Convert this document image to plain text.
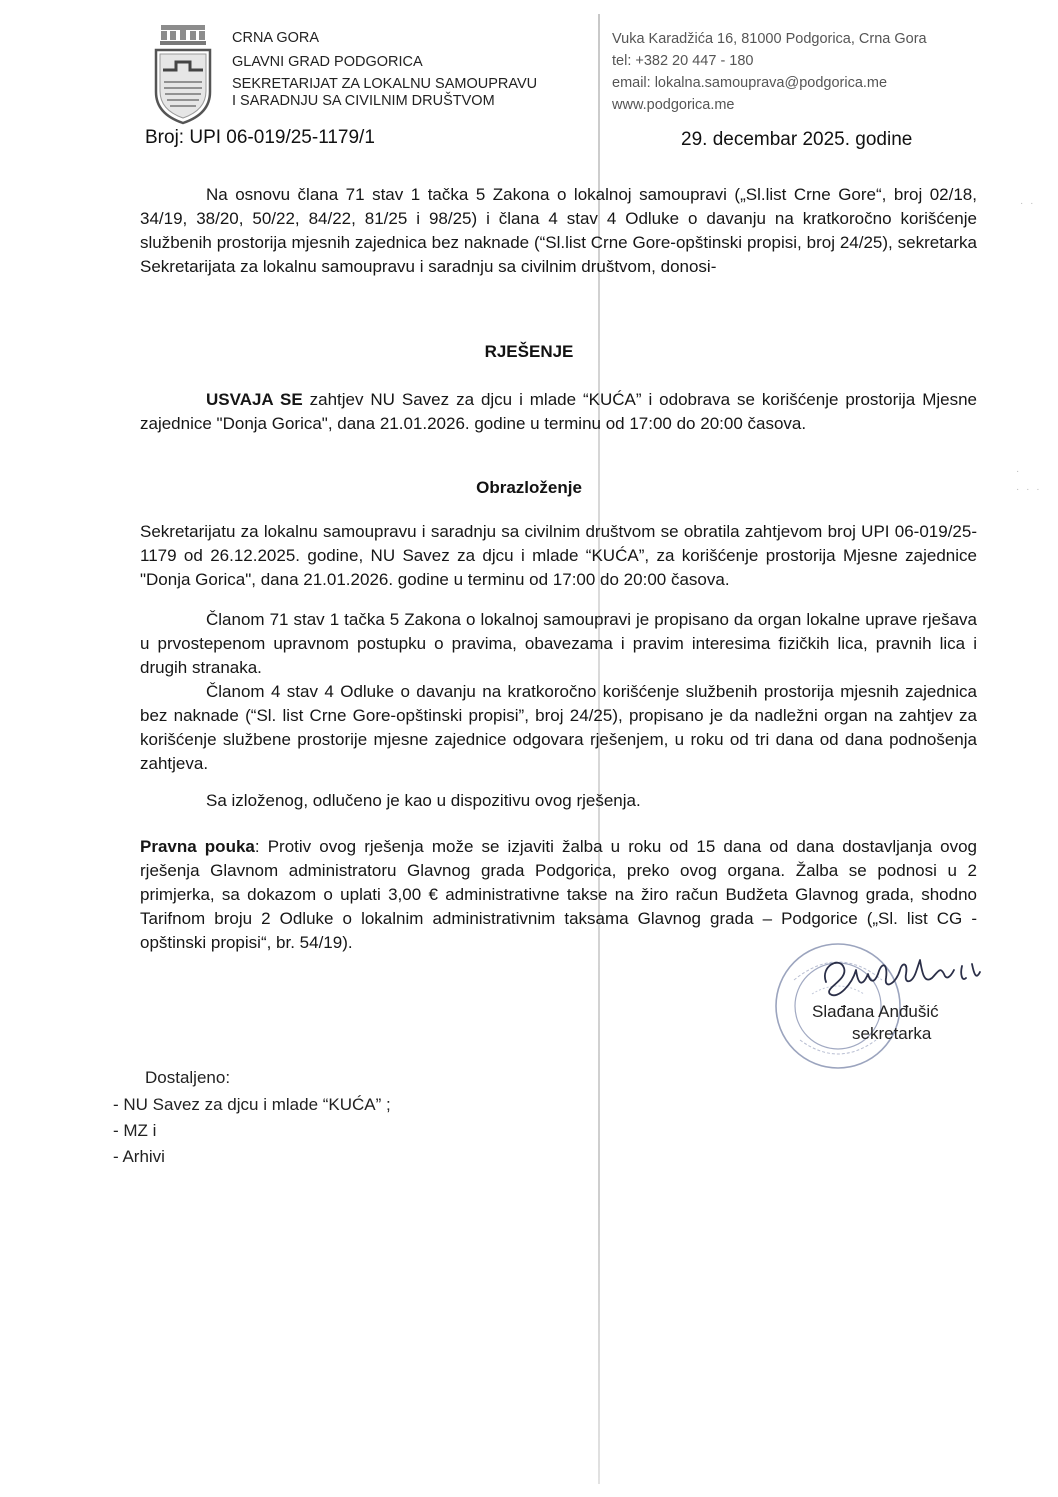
CRNA GORA
GLAVNI GRAD PODGORICA
SEKRETARIJAT ZA LOKALNU SAMOUPRAVU
I SARADNJU SA CIVILNIM DRUŠTVOM
Vuka Karadžića 16, 81000 Podgorica, Crna Gora
tel: +382 20 447 - 180
email: lokalna.samouprava@podgorica.me
www.podgorica.me
Broj: UPI 06-019/25-1179/1	29. decembar 2025. godine
· ·
·
· · ·

Na osnovu člana 71 stav 1 tačka 5 Zakona o lokalnoj samoupravi („Sl.list Crne Gore“, broj 02/18, 34/19, 38/20, 50/22, 84/22, 81/25 i 98/25) i člana 4 stav 4 Odluke o davanju na kratkoročno korišćenje službenih prostorija mjesnih zajednica bez naknade (“Sl.list Crne Gore-opštinski propisi, broj 24/25), sekretarka Sekretarijata za lokalnu samoupravu i saradnju sa civilnim društvom, donosi-

RJEŠENJE

USVAJA SE zahtjev NU Savez za djcu i mlade “KUĆA” i odobrava se korišćenje prostorija Mjesne zajednice "Donja Gorica", dana 21.01.2026. godine u terminu od 17:00 do 20:00 časova.

Obrazloženje

Sekretarijatu za lokalnu samoupravu i saradnju sa civilnim društvom se obratila zahtjevom broj UPI 06-019/25-1179 od 26.12.2025. godine, NU Savez za djcu i mlade “KUĆA”, za korišćenje prostorija Mjesne zajednice "Donja Gorica", dana 21.01.2026. godine u terminu od 17:00 do 20:00 časova.

Članom 71 stav 1 tačka 5 Zakona o lokalnoj samoupravi je propisano da organ lokalne uprave rješava u prvostepenom upravnom postupku o pravima, obavezama i pravim interesima fizičkih lica, pravnih lica i drugih stranaka.

Članom 4 stav 4 Odluke o davanju na kratkoročno korišćenje službenih prostorija mjesnih zajednica bez naknade (“Sl. list Crne Gore-opštinski propisi”, broj 24/25), propisano je da nadležni organ na zahtjev za korišćenje službene prostorije mjesne zajednice odgovara rješenjem, u roku od tri dana od dana podnošenja zahtjeva.

Sa izloženog, odlučeno je kao u dispozitivu ovog rješenja.

Pravna pouka: Protiv ovog rješenja može se izjaviti žalba u roku od 15 dana od dana dostavljanja ovog rješenja Glavnom administratoru Glavnog grada Podgorica, preko ovog organa. Žalba se podnosi u 2 primjerka, sa dokazom o uplati 3,00 € administrativne takse na žiro račun Budžeta Glavnog grada, shodno Tarifnom broju 2 Odluke o lokalnim administrativnim taksama Glavnog grada – Podgorice („Sl. list CG - opštinski propisi“, br. 54/19).

Slađana Anđušić
sekretarka
Dostaljeno:
- NU Savez za djcu i mlade “KUĆA” ;
- MZ i
- Arhivi
